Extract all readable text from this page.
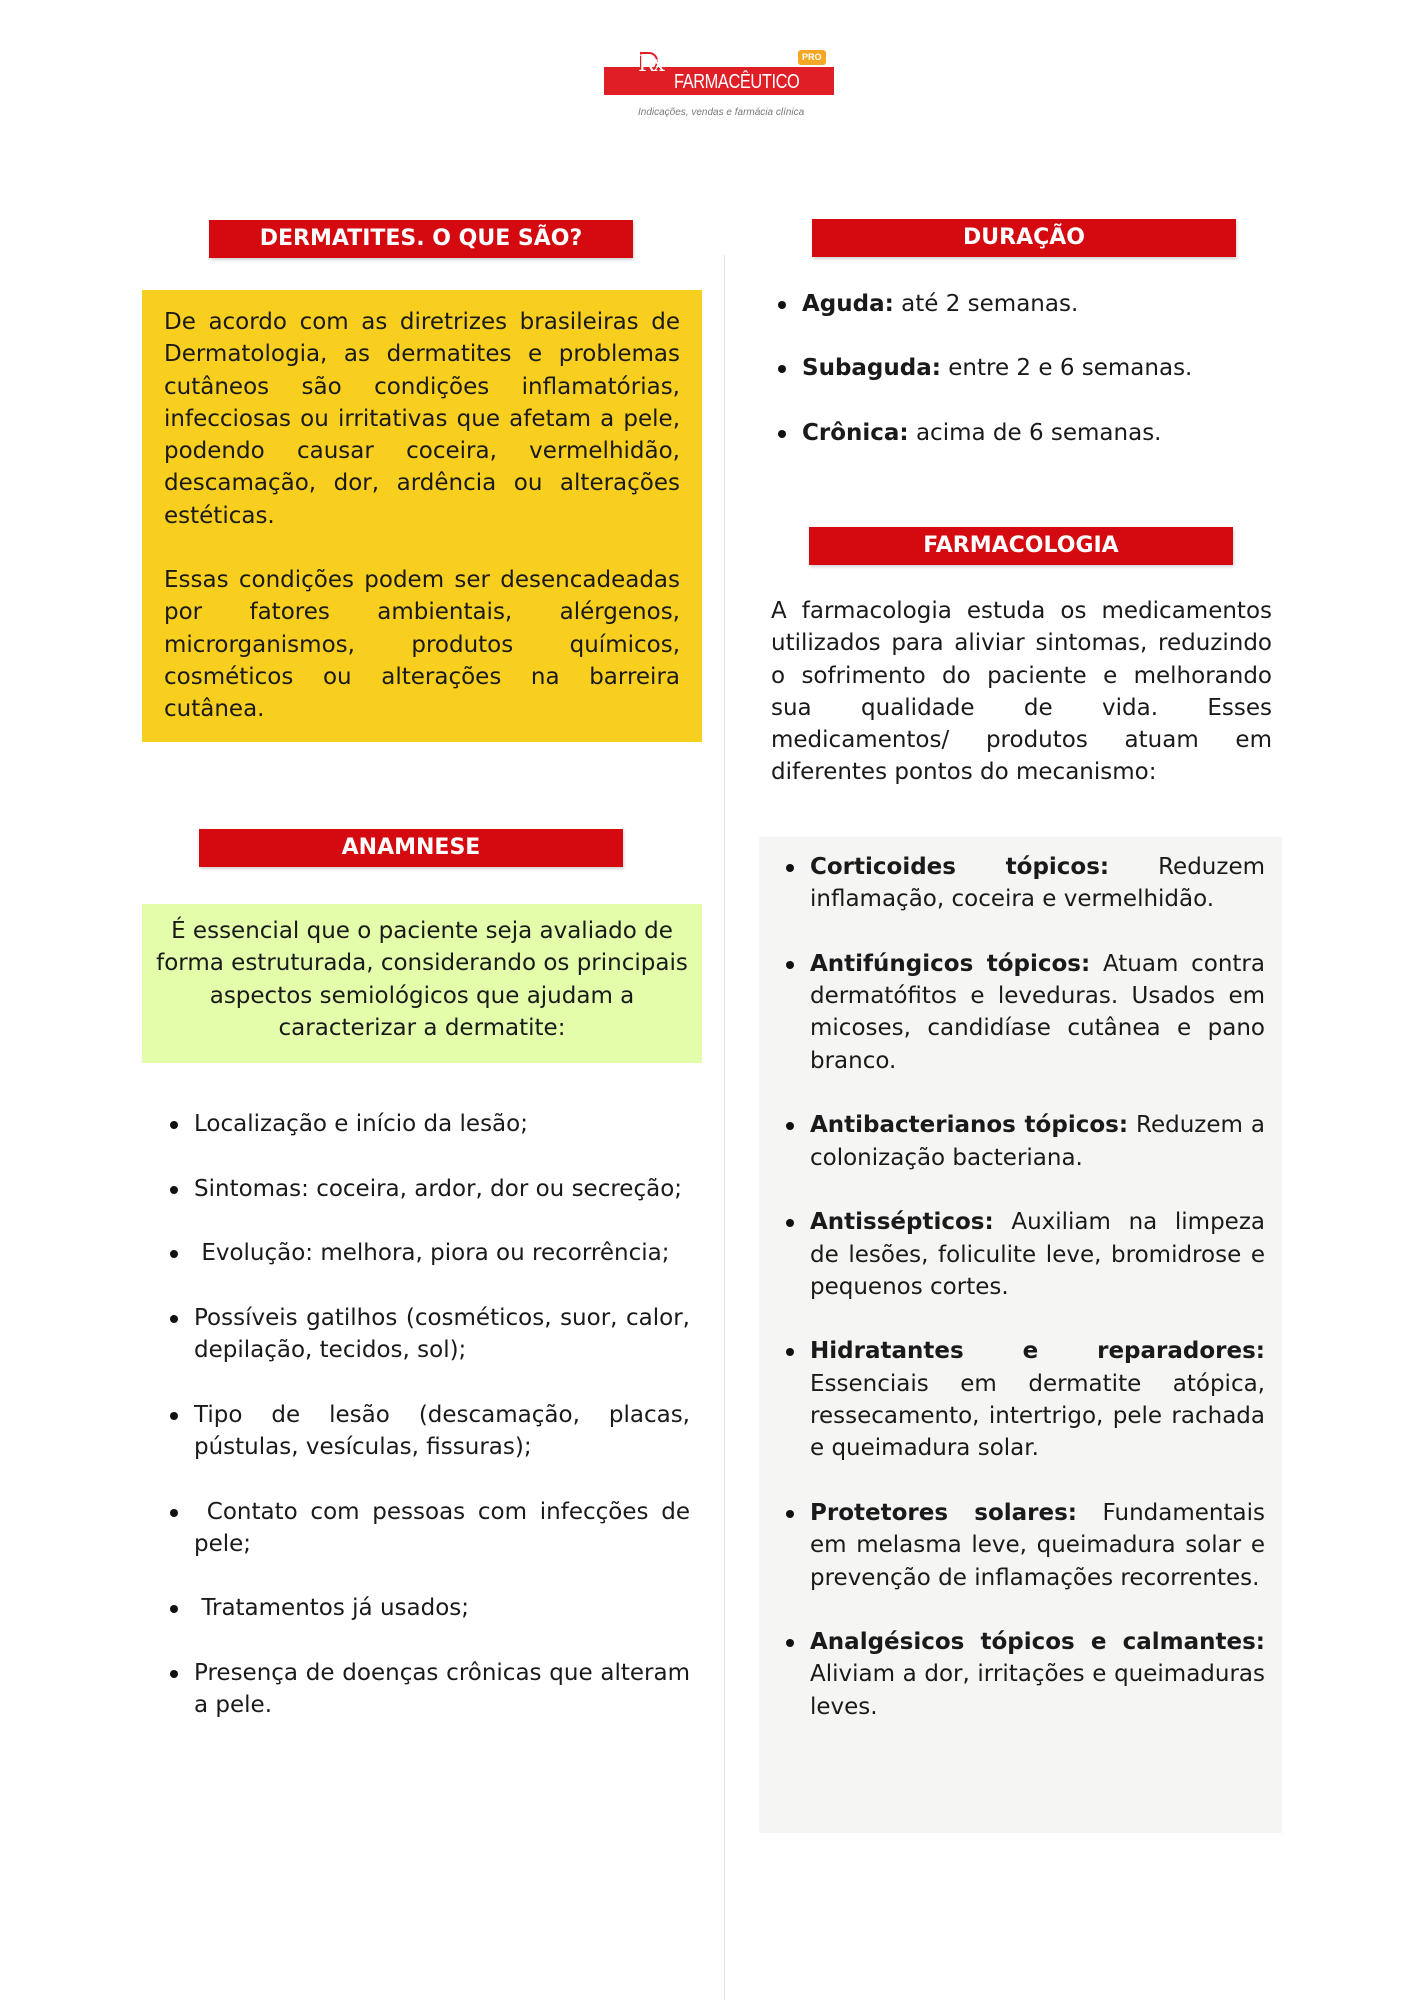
Rx
FARMACÊUTICO
PRO
Indicações, vendas e farmácia clínica
DERMATITES. O QUE SÃO?

De acordo com as diretrizes brasileiras de Dermatologia, as dermatites e problemas cutâneos são condições inflamatórias, infecciosas ou irritativas que afetam a pele, podendo causar coceira, vermelhidão, descamação, dor, ardência ou alterações estéticas.

Essas condições podem ser desencadeadas por fatores ambientais, alérgenos, microrganismos, produtos químicos, cosméticos ou alterações na barreira cutânea.

ANAMNESE

É essencial que o paciente seja avaliado de forma estruturada, considerando os principais aspectos semiológicos que ajudam a caracterizar a dermatite:

Localização e início da lesão;
Sintomas: coceira, ardor, dor ou secreção;
Evolução: melhora, piora ou recorrência;
Possíveis gatilhos (cosméticos, suor, calor, depilação, tecidos, sol);
Tipo de lesão (descamação, placas, pústulas, vesículas, fissuras);
Contato com pessoas com infecções de pele;
Tratamentos já usados;
Presença de doenças crônicas que alteram a pele.
DURAÇÃO
Aguda: até 2 semanas.
Subaguda: entre 2 e 6 semanas.
Crônica: acima de 6 semanas.
FARMACOLOGIA

A farmacologia estuda os medicamentos utilizados para aliviar sintomas, reduzindo o sofrimento do paciente e melhorando sua qualidade de vida. Esses medicamentos/ produtos atuam em diferentes pontos do mecanismo:

Corticoides tópicos: Reduzem inflamação, coceira e vermelhidão.
Antifúngicos tópicos: Atuam contra dermatófitos e leveduras. Usados em micoses, candidíase cutânea e pano branco.
Antibacterianos tópicos: Reduzem a colonização bacteriana.
Antissépticos: Auxiliam na limpeza de lesões, foliculite leve, bromidrose e pequenos cortes.
Hidratantes e reparadores: Essenciais em dermatite atópica, ressecamento, intertrigo, pele rachada e queimadura solar.
Protetores solares: Fundamentais em melasma leve, queimadura solar e prevenção de inflamações recorrentes.
Analgésicos tópicos e calmantes: Aliviam a dor, irritações e queimaduras leves.
